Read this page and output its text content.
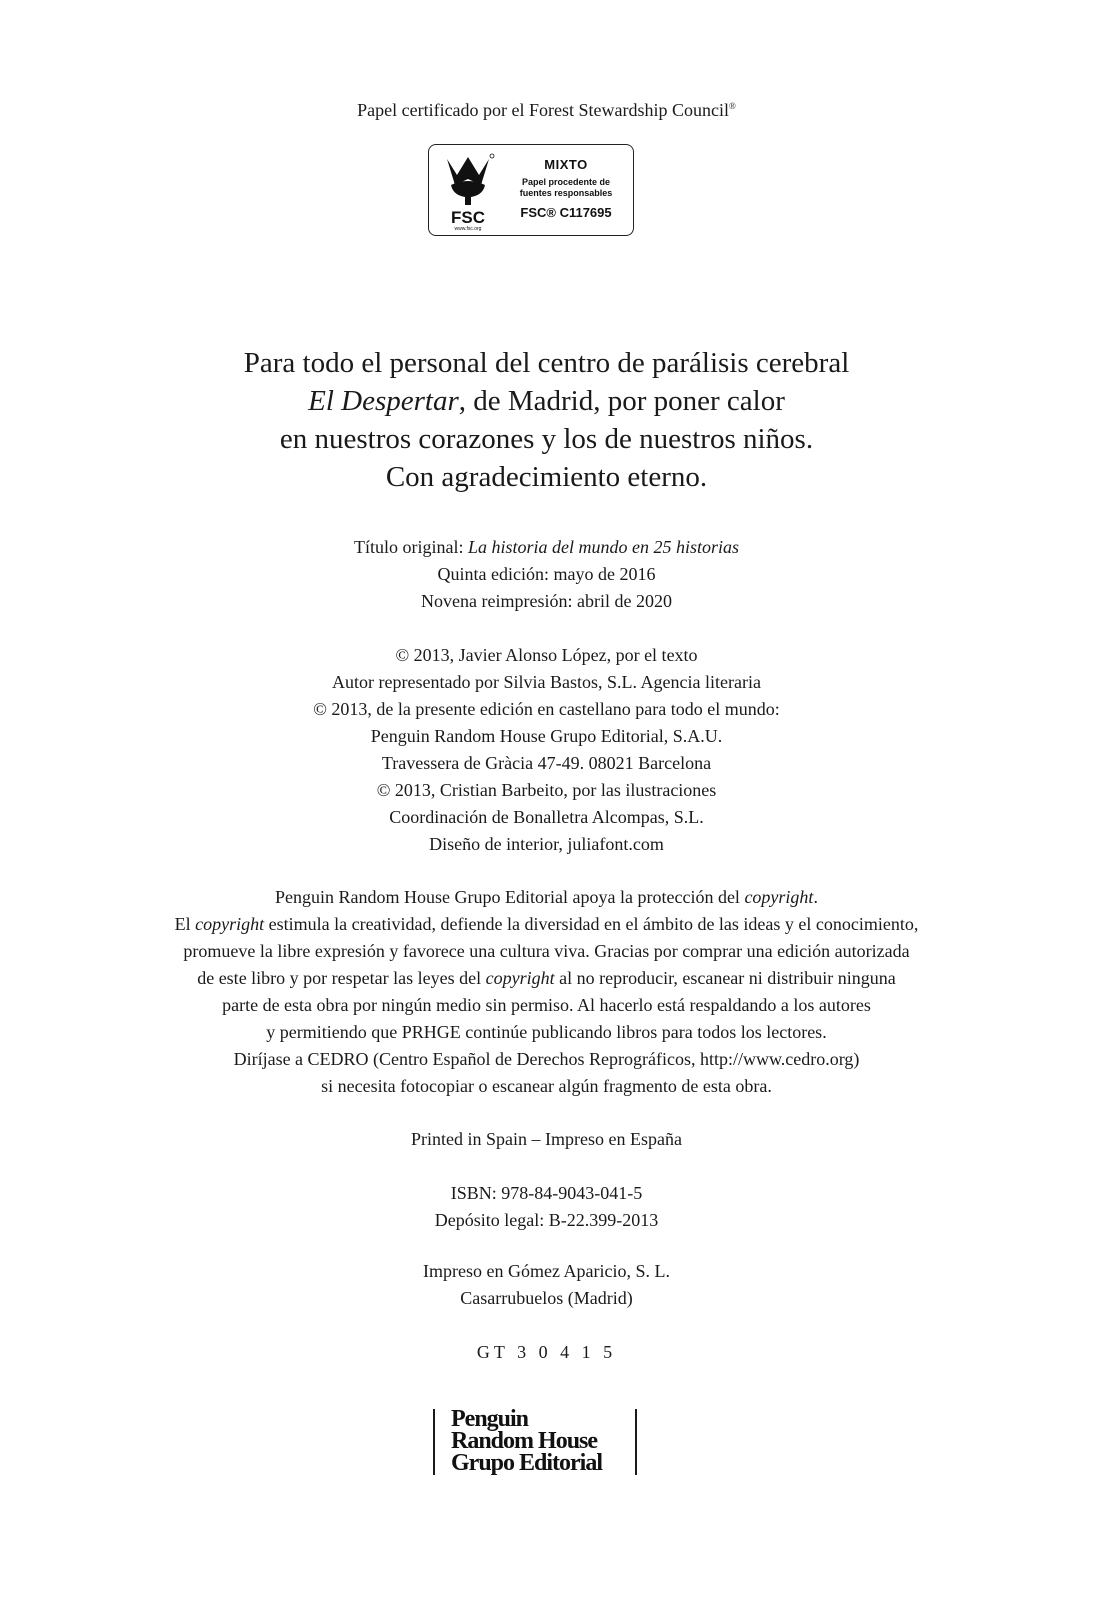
Papel certificado por el Forest Stewardship Council®
FSC
www.fsc.org
MIXTO
Papel procedente de
fuentes responsables
FSC® C117695
Para todo el personal del centro de parálisis cerebral
El Despertar, de Madrid, por poner calor
en nuestros corazones y los de nuestros niños.
Con agradecimiento eterno.
Título original: La historia del mundo en 25 historias
Quinta edición: mayo de 2016
Novena reimpresión: abril de 2020
© 2013, Javier Alonso López, por el texto
Autor representado por Silvia Bastos, S.L. Agencia literaria
© 2013, de la presente edición en castellano para todo el mundo:
Penguin Random House Grupo Editorial, S.A.U.
Travessera de Gràcia 47-49. 08021 Barcelona
© 2013, Cristian Barbeito, por las ilustraciones
Coordinación de Bonalletra Alcompas, S.L.
Diseño de interior, juliafont.com
Penguin Random House Grupo Editorial apoya la protección del copyright.
El copyright estimula la creatividad, defiende la diversidad en el ámbito de las ideas y el conocimiento,
promueve la libre expresión y favorece una cultura viva. Gracias por comprar una edición autorizada
de este libro y por respetar las leyes del copyright al no reproducir, escanear ni distribuir ninguna
parte de esta obra por ningún medio sin permiso. Al hacerlo está respaldando a los autores
y permitiendo que PRHGE continúe publicando libros para todos los lectores.
Diríjase a CEDRO (Centro Español de Derechos Reprográficos, http://www.cedro.org)
si necesita fotocopiar o escanear algún fragmento de esta obra.
Printed in Spain – Impreso en España
ISBN: 978-84-9043-041-5
Depósito legal: B-22.399-2013
Impreso en Gómez Aparicio, S. L.
Casarrubuelos (Madrid)
GT 3 0 4 1 5
Penguin
Random House
Grupo Editorial
